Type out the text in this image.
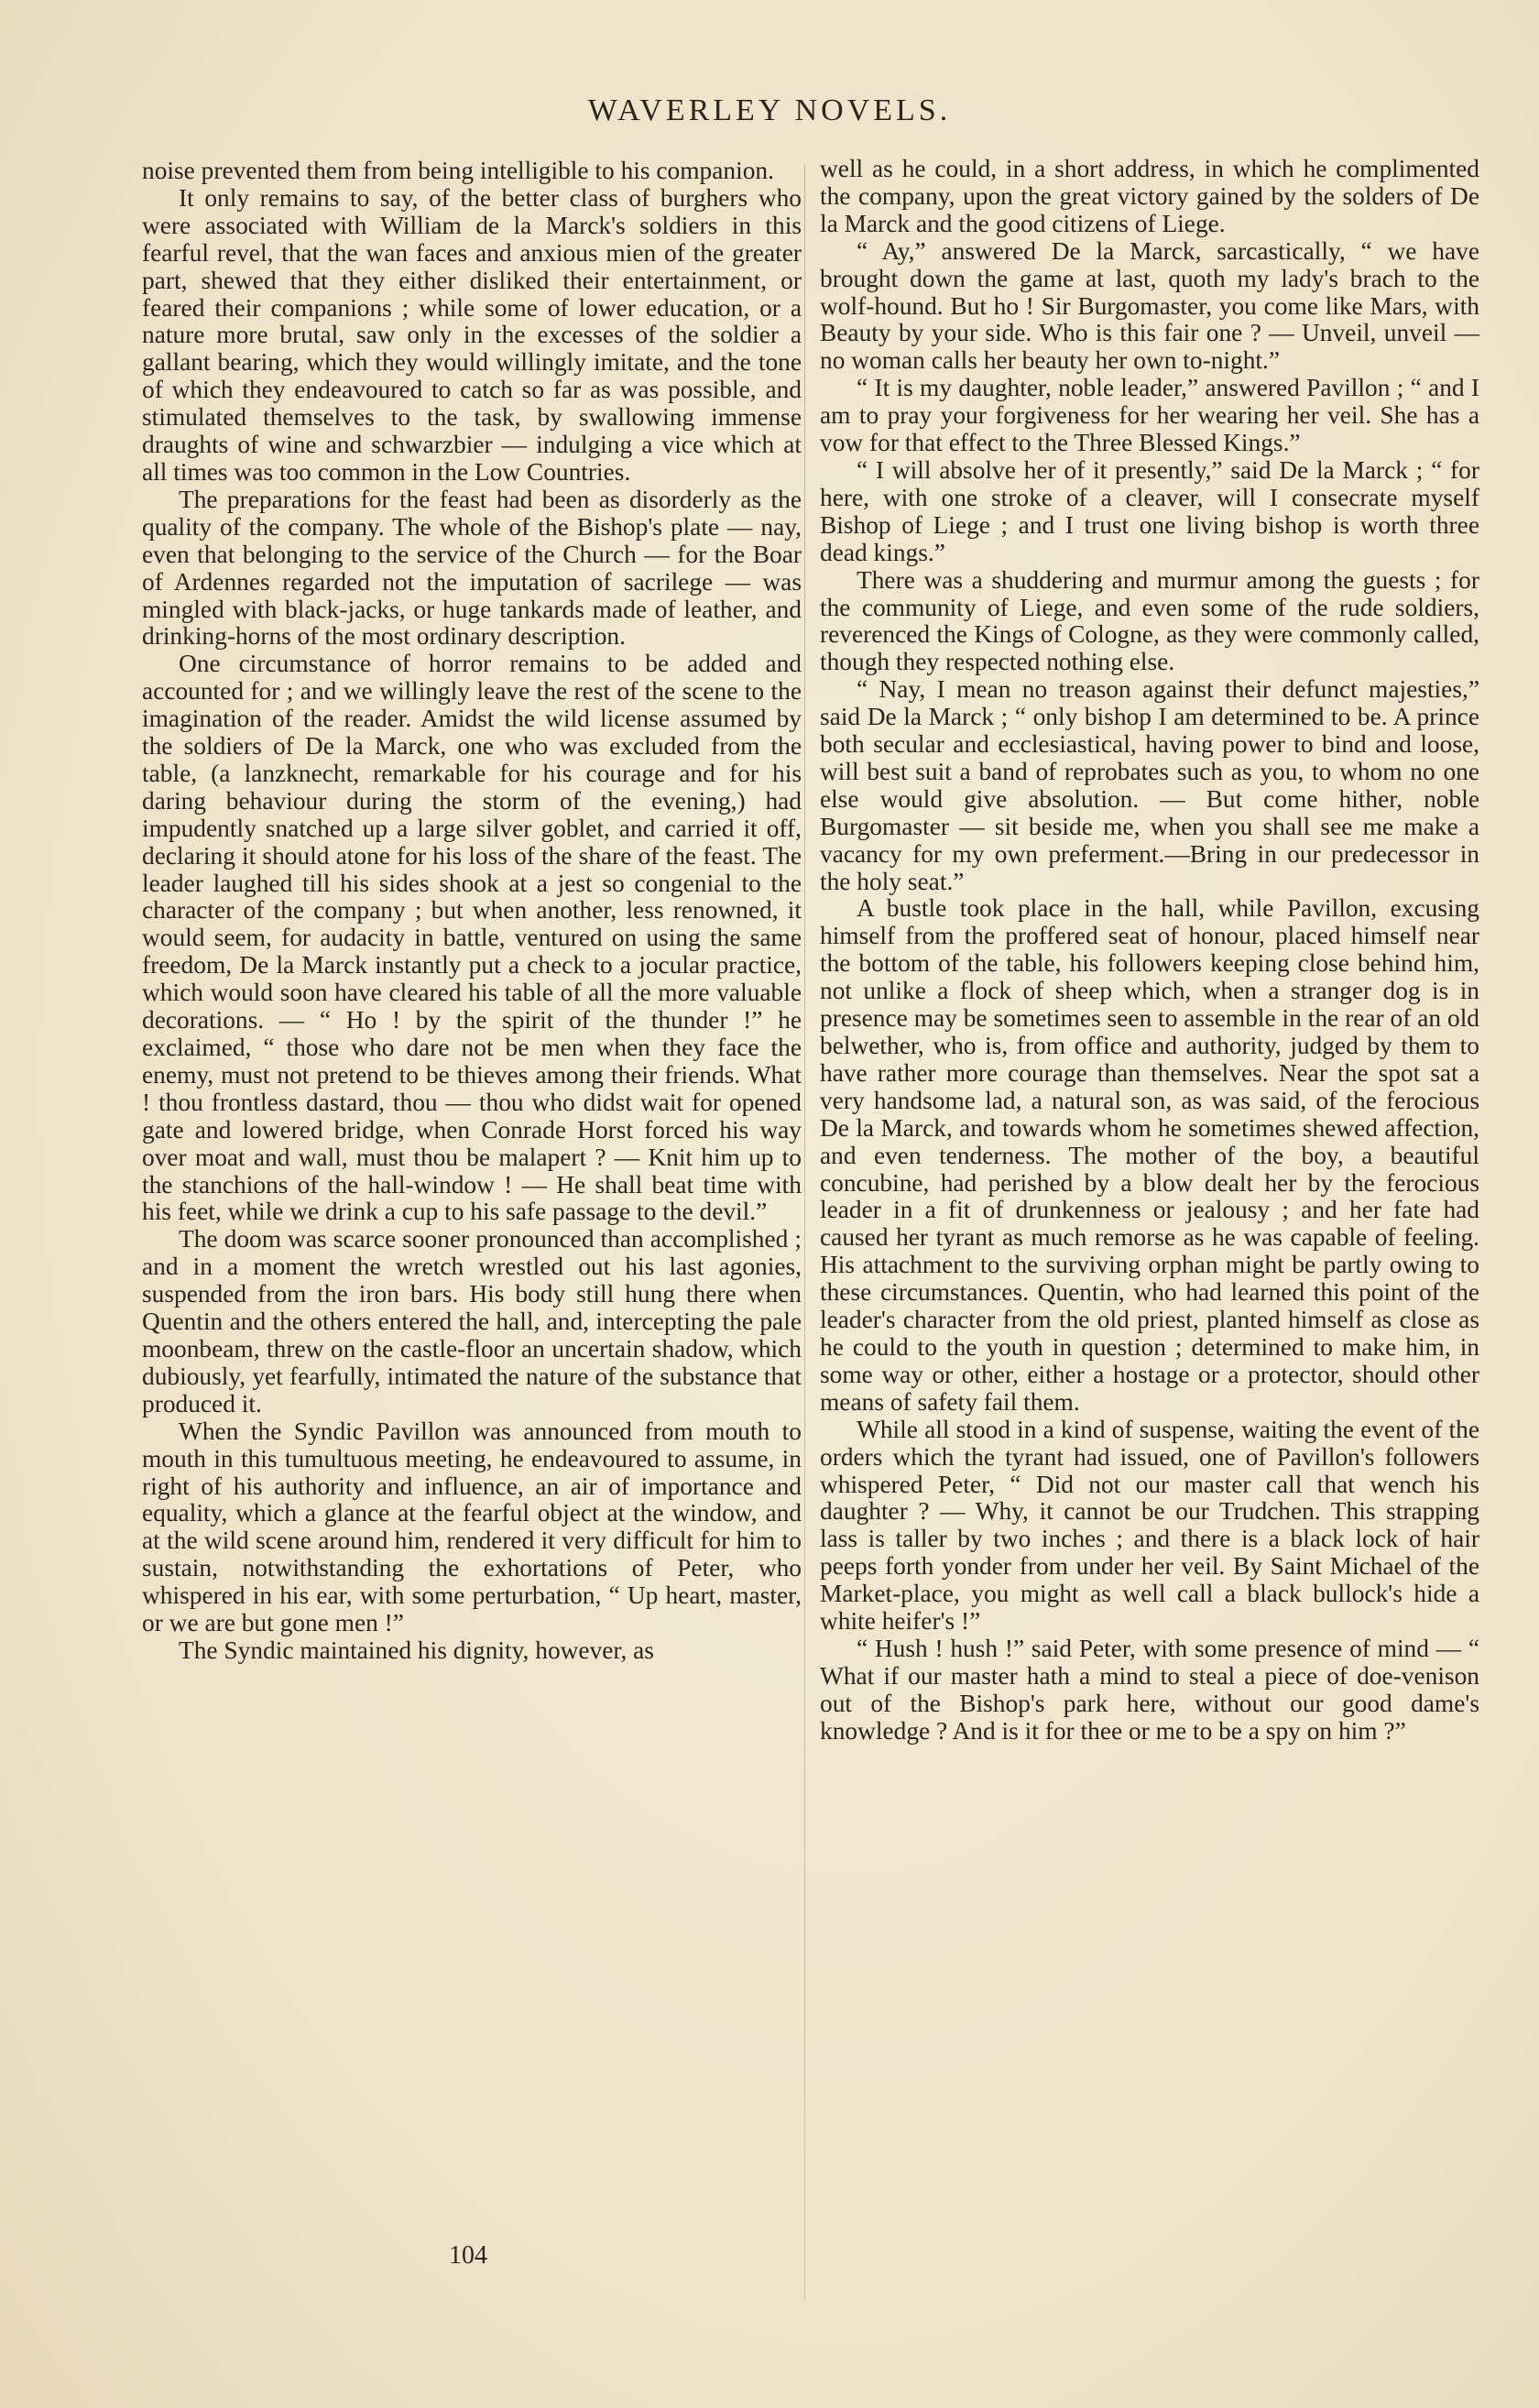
WAVERLEY NOVELS.

noise prevented them from being intelligible to his companion.

It only remains to say, of the better class of burghers who were associated with William de la Marck's soldiers in this fearful revel, that the wan faces and anxious mien of the greater part, shewed that they either disliked their entertainment, or feared their companions ; while some of lower education, or a nature more brutal, saw only in the excesses of the soldier a gallant bearing, which they would willingly imitate, and the tone of which they endeavoured to catch so far as was possible, and stimulated themselves to the task, by swallowing immense draughts of wine and schwarzbier — indulging a vice which at all times was too common in the Low Countries.

The preparations for the feast had been as disorderly as the quality of the company. The whole of the Bishop's plate — nay, even that belonging to the service of the Church — for the Boar of Ardennes regarded not the imputation of sacrilege — was mingled with black-jacks, or huge tankards made of leather, and drinking-horns of the most ordinary description.

One circumstance of horror remains to be added and accounted for ; and we willingly leave the rest of the scene to the imagination of the reader. Amidst the wild license assumed by the soldiers of De la Marck, one who was excluded from the table, (a lanzknecht, remarkable for his courage and for his daring behaviour during the storm of the evening,) had impudently snatched up a large silver goblet, and carried it off, declaring it should atone for his loss of the share of the feast. The leader laughed till his sides shook at a jest so congenial to the character of the company ; but when another, less renowned, it would seem, for audacity in battle, ventured on using the same freedom, De la Marck instantly put a check to a jocular practice, which would soon have cleared his table of all the more valuable decorations. — “ Ho ! by the spirit of the thunder !” he exclaimed, “ those who dare not be men when they face the enemy, must not pretend to be thieves among their friends. What ! thou frontless dastard, thou — thou who didst wait for opened gate and lowered bridge, when Conrade Horst forced his way over moat and wall, must thou be malapert ? — Knit him up to the stanchions of the hall-window ! — He shall beat time with his feet, while we drink a cup to his safe passage to the devil.”

The doom was scarce sooner pronounced than accomplished ; and in a moment the wretch wrestled out his last agonies, suspended from the iron bars. His body still hung there when Quentin and the others entered the hall, and, intercepting the pale moonbeam, threw on the castle-floor an uncertain shadow, which dubiously, yet fearfully, intimated the nature of the substance that produced it.

When the Syndic Pavillon was announced from mouth to mouth in this tumultuous meeting, he endeavoured to assume, in right of his authority and influence, an air of importance and equality, which a glance at the fearful object at the window, and at the wild scene around him, rendered it very difficult for him to sustain, notwithstanding the exhortations of Peter, who whispered in his ear, with some perturbation, “ Up heart, master, or we are but gone men !”

The Syndic maintained his dignity, however, as

well as he could, in a short address, in which he complimented the company, upon the great victory gained by the solders of De la Marck and the good citizens of Liege.

“ Ay,” answered De la Marck, sarcastically, “ we have brought down the game at last, quoth my lady's brach to the wolf-hound. But ho ! Sir Burgomaster, you come like Mars, with Beauty by your side. Who is this fair one ? — Unveil, unveil — no woman calls her beauty her own to-night.”

“ It is my daughter, noble leader,” answered Pavillon ; “ and I am to pray your forgiveness for her wearing her veil. She has a vow for that effect to the Three Blessed Kings.”

“ I will absolve her of it presently,” said De la Marck ; “ for here, with one stroke of a cleaver, will I consecrate myself Bishop of Liege ; and I trust one living bishop is worth three dead kings.”

There was a shuddering and murmur among the guests ; for the community of Liege, and even some of the rude soldiers, reverenced the Kings of Cologne, as they were commonly called, though they respected nothing else.

“ Nay, I mean no treason against their defunct majesties,” said De la Marck ; “ only bishop I am determined to be. A prince both secular and ecclesiastical, having power to bind and loose, will best suit a band of reprobates such as you, to whom no one else would give absolution. — But come hither, noble Burgomaster — sit beside me, when you shall see me make a vacancy for my own preferment.—Bring in our predecessor in the holy seat.”

A bustle took place in the hall, while Pavillon, excusing himself from the proffered seat of honour, placed himself near the bottom of the table, his followers keeping close behind him, not unlike a flock of sheep which, when a stranger dog is in presence may be sometimes seen to assemble in the rear of an old belwether, who is, from office and authority, judged by them to have rather more courage than themselves. Near the spot sat a very handsome lad, a natural son, as was said, of the ferocious De la Marck, and towards whom he sometimes shewed affection, and even tenderness. The mother of the boy, a beautiful concubine, had perished by a blow dealt her by the ferocious leader in a fit of drunkenness or jealousy ; and her fate had caused her tyrant as much remorse as he was capable of feeling. His attachment to the surviving orphan might be partly owing to these circumstances. Quentin, who had learned this point of the leader's character from the old priest, planted himself as close as he could to the youth in question ; determined to make him, in some way or other, either a hostage or a protector, should other means of safety fail them.

While all stood in a kind of suspense, waiting the event of the orders which the tyrant had issued, one of Pavillon's followers whispered Peter, “ Did not our master call that wench his daughter ? — Why, it cannot be our Trudchen. This strapping lass is taller by two inches ; and there is a black lock of hair peeps forth yonder from under her veil. By Saint Michael of the Market-place, you might as well call a black bullock's hide a white heifer's !”

“ Hush ! hush !” said Peter, with some presence of mind — “ What if our master hath a mind to steal a piece of doe-venison out of the Bishop's park here, without our good dame's knowledge ? And is it for thee or me to be a spy on him ?”

104
